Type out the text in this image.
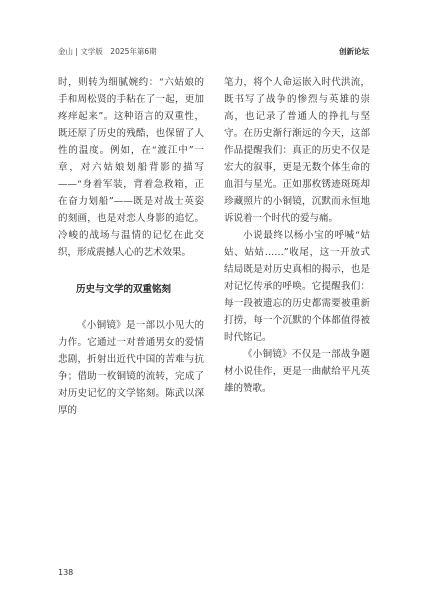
金山 | 文学版　2025年第6期	创新论坛

时，则转为细腻婉约：“六姑娘的手和周松贤的手粘在了一起，更加疼痒起来”。这种语言的双重性，既还原了历史的残酷，也保留了人性的温度。例如，在“渡江中”一章，对六姑娘划船背影的描写——“身着军装，背着急救箱，正在奋力划船”——既是对战士英姿的刻画，也是对恋人身影的追忆。冷峻的战场与温情的记忆在此交织，形成震撼人心的艺术效果。

历史与文学的双重铭刻

《小铜镜》是一部以小见大的力作。它通过一对普通男女的爱情悲剧，折射出近代中国的苦难与抗争；借助一枚铜镜的流转，完成了对历史记忆的文学铭刻。陈武以深厚的

笔力，将个人命运嵌入时代洪流，既书写了战争的惨烈与英雄的崇高，也记录了普通人的挣扎与坚守。在历史渐行渐远的今天，这部作品提醒我们：真正的历史不仅是宏大的叙事，更是无数个体生命的血泪与星光。正如那枚锈迹斑斑却珍藏照片的小铜镜，沉默而永恒地诉说着一个时代的爱与痛。

小说最终以杨小宝的呼喊“姑姑、姑姑……”收尾，这一开放式结局既是对历史真相的揭示，也是对记忆传承的呼唤。它提醒我们：每一段被遗忘的历史都需要被重新打捞，每一个沉默的个体都值得被时代铭记。

《小铜镜》不仅是一部战争题材小说佳作，更是一曲献给平凡英雄的赞歌。

138
